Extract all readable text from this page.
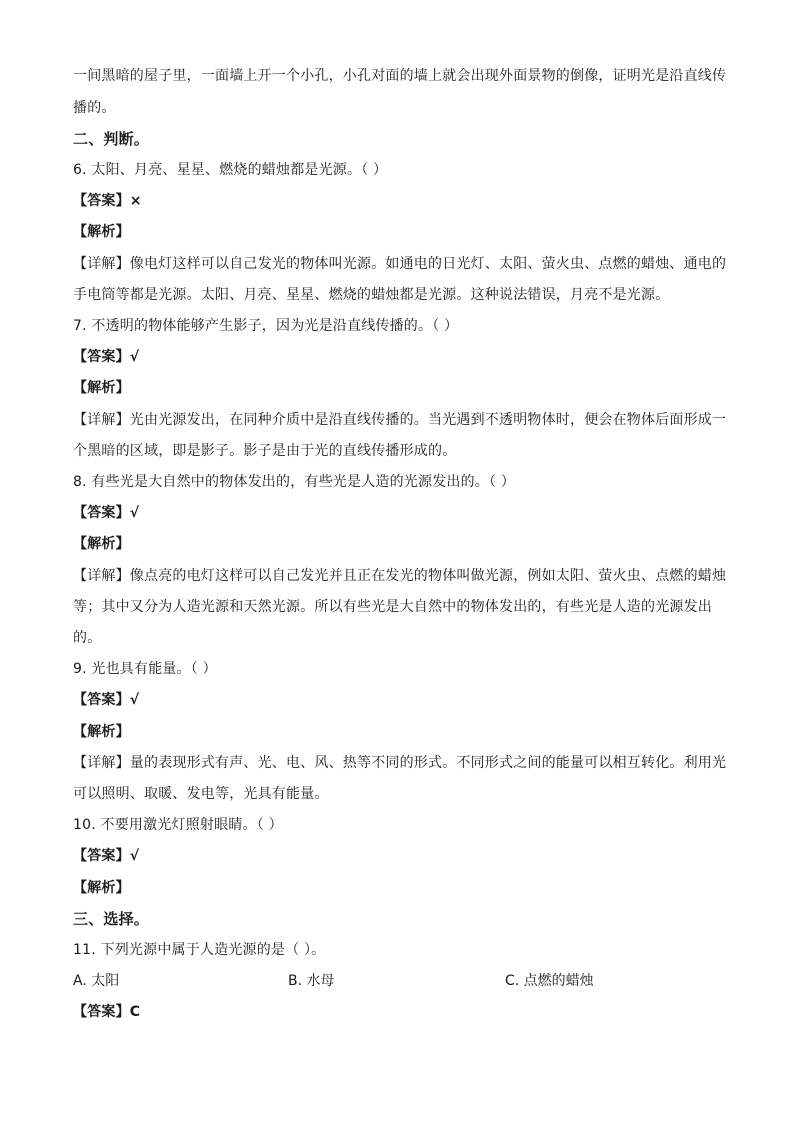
一间黑暗的屋子里，一面墙上开一个小孔，小孔对面的墙上就会出现外面景物的倒像，证明光是沿直线传
播的。
二、判断。
6. 太阳、月亮、星星、燃烧的蜡烛都是光源。（ ）
【答案】×
【解析】
【详解】像电灯这样可以自己发光的物体叫光源。如通电的日光灯、太阳、萤火虫、点燃的蜡烛、通电的
手电筒等都是光源。太阳、月亮、星星、燃烧的蜡烛都是光源。这种说法错误，月亮不是光源。
7. 不透明的物体能够产生影子，因为光是沿直线传播的。（ ）
【答案】√
【解析】
【详解】光由光源发出，在同种介质中是沿直线传播的。当光遇到不透明物体时，便会在物体后面形成一
个黑暗的区域，即是影子。影子是由于光的直线传播形成的。
8. 有些光是大自然中的物体发出的，有些光是人造的光源发出的。（ ）
【答案】√
【解析】
【详解】像点亮的电灯这样可以自己发光并且正在发光的物体叫做光源，例如太阳、萤火虫、点燃的蜡烛
等；其中又分为人造光源和天然光源。所以有些光是大自然中的物体发出的，有些光是人造的光源发出
的。
9. 光也具有能量。（ ）
【答案】√
【解析】
【详解】量的表现形式有声、光、电、风、热等不同的形式。不同形式之间的能量可以相互转化。利用光
可以照明、取暖、发电等，光具有能量。
10. 不要用激光灯照射眼睛。（ ）
【答案】√
【解析】
三、选择。
11. 下列光源中属于人造光源的是（ ）。
A. 太阳	B. 水母	C. 点燃的蜡烛
【答案】C
